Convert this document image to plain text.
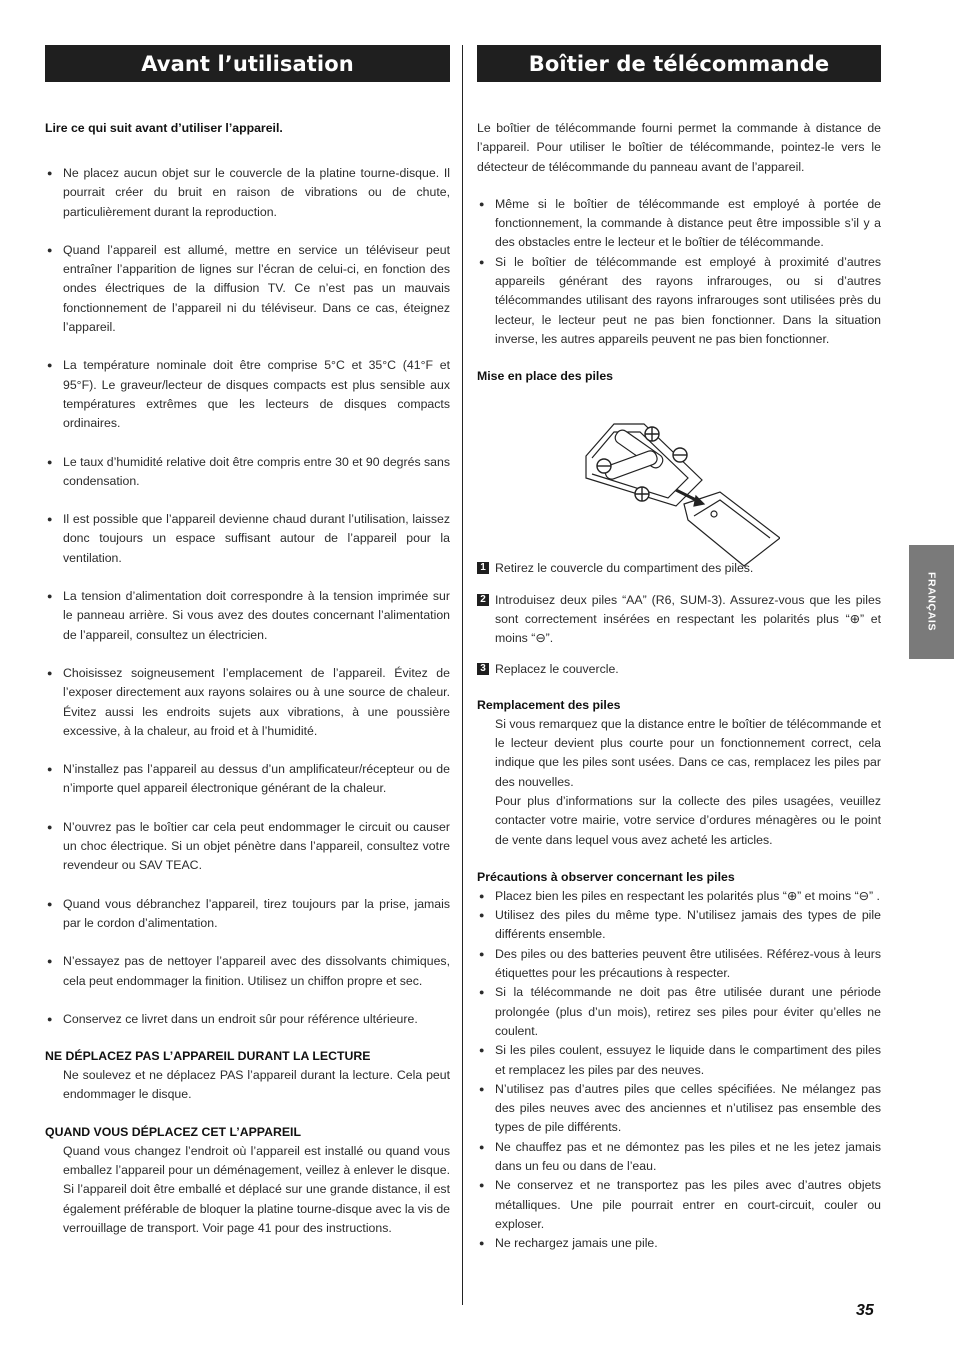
Avant l’utilisation

Lire ce qui suit avant d’utiliser l’appareil.

● Ne placez aucun objet sur le couvercle de la platine tourne-disque. Il pourrait créer du bruit en raison de vibrations ou de chute, particulièrement durant la reproduction.

● Quand l’appareil est allumé, mettre en service un téléviseur peut entraîner l’apparition de lignes sur l’écran de celui-ci, en fonction des ondes électriques de la diffusion TV. Ce n’est pas un mauvais fonctionnement de l’appareil ni du téléviseur. Dans ce cas, éteignez l’appareil.

● La température nominale doit être comprise 5°C et 35°C (41°F et 95°F). Le graveur/lecteur de disques compacts est plus sensible aux températures extrêmes que les lecteurs de disques compacts ordinaires.

● Le taux d’humidité relative doit être compris entre 30 et 90 degrés sans condensation.

● Il est possible que l’appareil devienne chaud durant l’utilisation, laissez donc toujours un espace suffisant autour de l’appareil pour la ventilation.

● La tension d’alimentation doit correspondre à la tension imprimée sur le panneau arrière. Si vous avez des doutes concernant l’alimentation de l’appareil, consultez un électricien.

● Choisissez soigneusement l’emplacement de l’appareil. Évitez de l’exposer directement aux rayons solaires ou à une source de chaleur. Évitez aussi les endroits sujets aux vibrations, à une poussière excessive, à la chaleur, au froid et à l’humidité.

● N’installez pas l’appareil au dessus d’un amplificateur/récepteur ou de n’importe quel appareil électronique générant de la chaleur.

● N’ouvrez pas le boîtier car cela peut endommager le circuit ou causer un choc électrique. Si un objet pénètre dans l’appareil, consultez votre revendeur ou SAV TEAC.

● Quand vous débranchez l’appareil, tirez toujours par la prise, jamais par le cordon d’alimentation.

● N’essayez pas de nettoyer l’appareil avec des dissolvants chimiques, cela peut endommager la finition. Utilisez un chiffon propre et sec.

● Conservez ce livret dans un endroit sûr pour référence ultérieure.

NE DÉPLACEZ PAS L’APPAREIL DURANT LA LECTURE

Ne soulevez et ne déplacez PAS l’appareil durant la lecture. Cela peut endommager le disque.

QUAND VOUS DÉPLACEZ CET L’APPAREIL

Quand vous changez l’endroit où l’appareil est installé ou quand vous emballez l’appareil pour un déménagement, veillez à enlever le disque. Si l’appareil doit être emballé et déplacé sur une grande distance, il est également préférable de bloquer la platine tourne-disque avec la vis de verrouillage de transport. Voir page 41 pour des instructions.

Boîtier de télécommande

Le boîtier de télécommande fourni permet la commande à distance de l’appareil. Pour utiliser le boîtier de télécommande, pointez-le vers le détecteur de télécommande du panneau avant de l’appareil.

● Même si le boîtier de télécommande est employé à portée de fonctionnement, la commande à distance peut être impossible s’il y a des obstacles entre le lecteur et le boîtier de télécommande.

● Si le boîtier de télécommande est employé à proximité d’autres appareils générant des rayons infrarouges, ou si d’autres télécommandes utilisant des rayons infrarouges sont utilisées près du lecteur, le lecteur peut ne pas bien fonctionner. Dans la situation inverse, les autres appareils peuvent ne pas bien fonctionner.

Mise en place des piles

1 Retirez le couvercle du compartiment des piles.

2 Introduisez deux piles “AA” (R6, SUM-3). Assurez-vous que les piles sont correctement insérées en respectant les polarités plus “⊕” et moins “⊖”.

3 Replacez le couvercle.

Remplacement des piles

Si vous remarquez que la distance entre le boîtier de télécommande et le lecteur devient plus courte pour un fonctionnement correct, cela indique que les piles sont usées. Dans ce cas, remplacez les piles par des nouvelles.

Pour plus d’informations sur la collecte des piles usagées, veuillez contacter votre mairie, votre service d’ordures ménagères ou le point de vente dans lequel vous avez acheté les articles.

Précautions à observer concernant les piles

● Placez bien les piles en respectant les polarités plus “⊕” et moins “⊖” .

● Utilisez des piles du même type. N’utilisez jamais des types de pile différents ensemble.

● Des piles ou des batteries peuvent être utilisées. Référez-vous à leurs étiquettes pour les précautions à respecter.

● Si la télécommande ne doit pas être utilisée durant une période prolongée (plus d’un mois), retirez ses piles pour éviter qu’elles ne coulent.

● Si les piles coulent, essuyez le liquide dans le compartiment des piles et remplacez les piles par des neuves.

● N’utilisez pas d’autres piles que celles spécifiées. Ne mélangez pas des piles neuves avec des anciennes et n’utilisez pas ensemble des types de pile différents.

● Ne chauffez pas et ne démontez pas les piles et ne les jetez jamais dans un feu ou dans de l’eau.

● Ne conservez et ne transportez pas les piles avec d’autres objets métalliques. Une pile pourrait entrer en court-circuit, couler ou exploser.

● Ne rechargez jamais une pile.

FRANÇAIS
35
